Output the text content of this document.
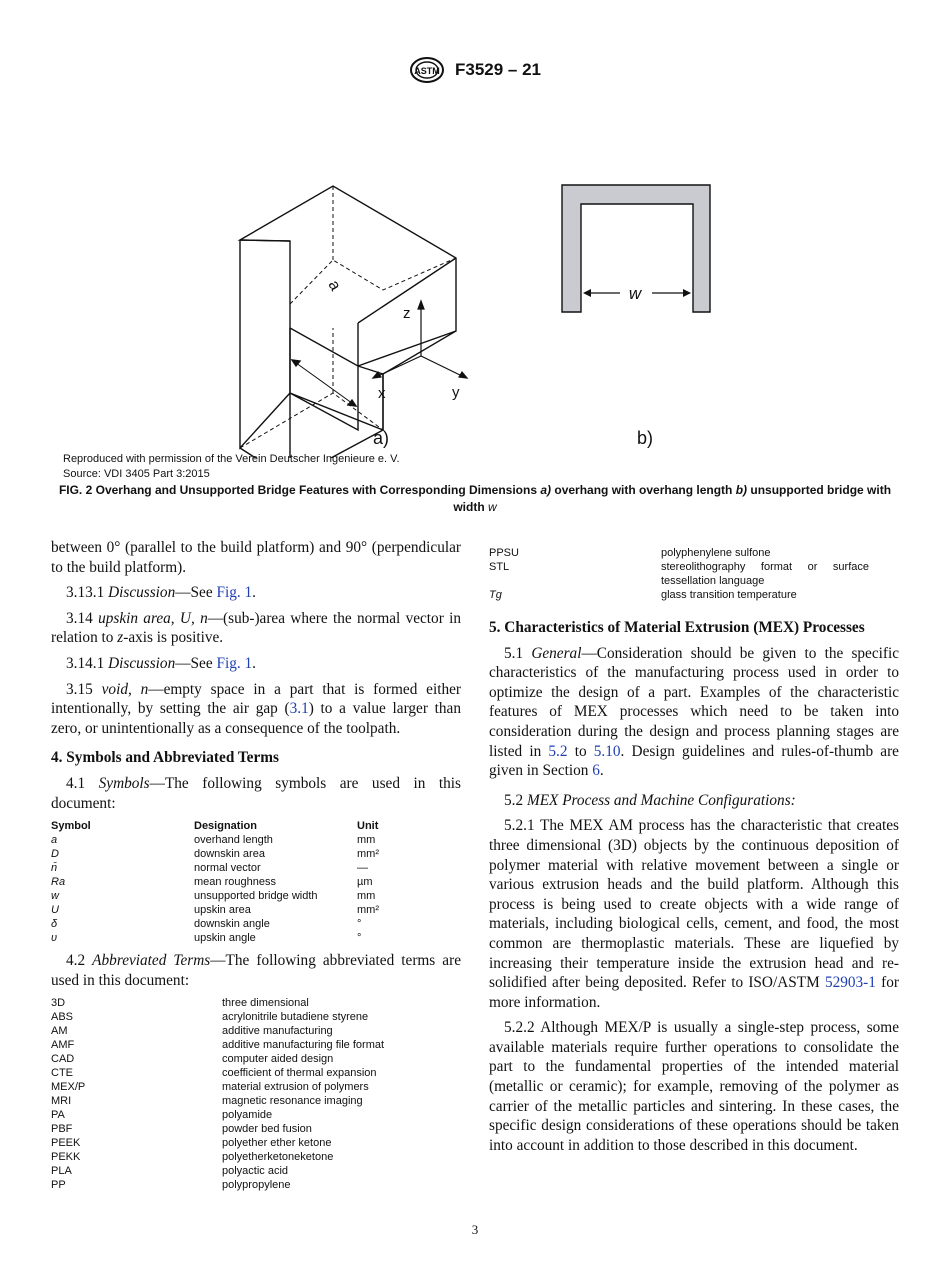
ASTM F3529 – 21
a
z
x	y
a)
w
b)
Reproduced with permission of the Verein Deutscher Ingenieure e. V.
Source: VDI 3405 Part 3:2015
FIG. 2 Overhang and Unsupported Bridge Features with Corresponding Dimensions a) overhang with overhang length b) unsupported bridge with width w

between 0° (parallel to the build platform) and 90° (perpendicular to the build platform).

3.13.1 Discussion—See Fig. 1.

3.14 upskin area, U, n—(sub-)area where the normal vector in relation to z-axis is positive.

3.14.1 Discussion—See Fig. 1.

3.15 void, n—empty space in a part that is formed either intentionally, by setting the air gap (3.1) to a value larger than zero, or unintentionally as a consequence of the toolpath.

4. Symbols and Abbreviated Terms

4.1 Symbols—The following symbols are used in this document:

Symbol	Designation	Unit
a	overhand length	mm
D	downskin area	mm²
n̄	normal vector	—
Ra	mean roughness	µm
w	unsupported bridge width	mm
U	upskin area	mm²
δ	downskin angle	°
υ	upskin angle	°

4.2 Abbreviated Terms—The following abbreviated terms are used in this document:

3D	three dimensional
ABS	acrylonitrile butadiene styrene
AM	additive manufacturing
AMF	additive manufacturing file format
CAD	computer aided design
CTE	coefficient of thermal expansion
MEX/P	material extrusion of polymers
MRI	magnetic resonance imaging
PA	polyamide
PBF	powder bed fusion
PEEK	polyether ether ketone
PEKK	polyetherketoneketone
PLA	polyactic acid
PP	polypropylene
PPSU	polyphenylene sulfone
STL	stereolithography format or surface tessellation language
Tg	glass transition temperature
5. Characteristics of Material Extrusion (MEX) Processes

5.1 General—Consideration should be given to the specific characteristics of the manufacturing process used in order to optimize the design of a part. Examples of the characteristic features of MEX processes which need to be taken into consideration during the design and process planning stages are listed in 5.2 to 5.10. Design guidelines and rules-of-thumb are given in Section 6.

5.2 MEX Process and Machine Configurations:

5.2.1 The MEX AM process has the characteristic that creates three dimensional (3D) objects by the continuous deposition of polymer material with relative movement between a single or various extrusion heads and the build platform. Although this process is being used to create objects with a wide range of materials, including biological cells, cement, and food, the most common are thermoplastic materials. These are liquefied by increasing their temperature inside the extrusion head and re-solidified after being deposited. Refer to ISO/ASTM 52903-1 for more information.

5.2.2 Although MEX/P is usually a single-step process, some available materials require further operations to consolidate the part to the fundamental properties of the intended material (metallic or ceramic); for example, removing of the polymer as carrier of the metallic particles and sintering. In these cases, the specific design considerations of these operations should be taken into account in addition to those described in this document.

3
